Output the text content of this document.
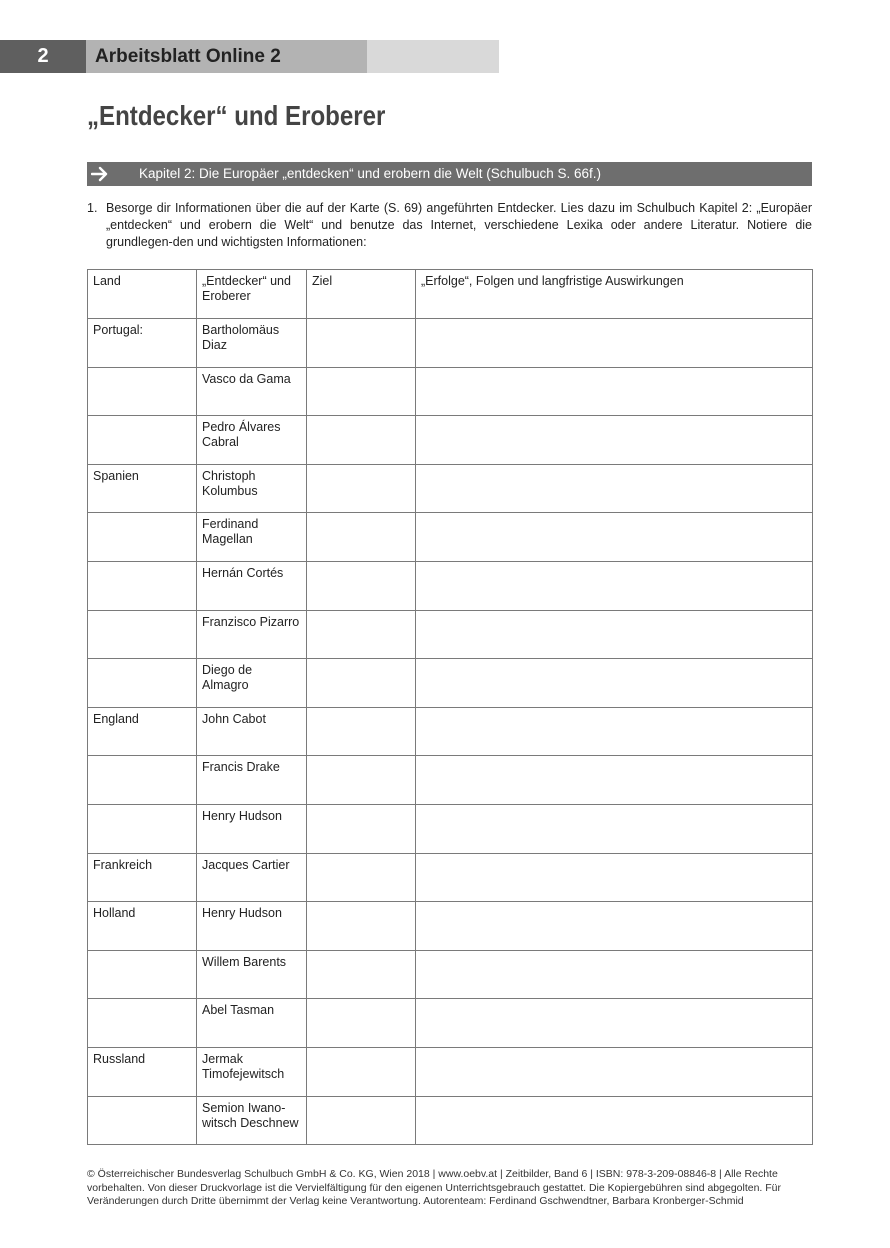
2	Arbeitsblatt Online 2
„Entdecker“ und Eroberer
Kapitel 2: Die Europäer „entdecken“ und erobern die Welt (Schulbuch S. 66f.)
1. Besorge dir Informationen über die auf der Karte (S. 69) angeführten Entdecker. Lies dazu im Schulbuch Kapitel 2: „Europäer „entdecken“ und erobern die Welt“ und benutze das Internet, verschiedene Lexika oder andere Literatur. Notiere die grundlegen-den und wichtigsten Informationen:
Land	„Entdecker“ und Eroberer	Ziel	„Erfolge“, Folgen und langfristige Auswirkungen
Portugal:	Bartholomäus Diaz		
	Vasco da Gama		
	Pedro Álvares Cabral		
Spanien	Christoph Kolumbus		
	Ferdinand Magellan		
	Hernán Cortés		
	Franzisco Pizarro		
	Diego de Almagro		
England	John Cabot		
	Francis Drake		
	Henry Hudson		
Frankreich	Jacques Cartier		
Holland	Henry Hudson		
	Willem Barents		
	Abel Tasman		
Russland	Jermak Timofejewitsch		
	Semion Iwano-witsch Deschnew		
© Österreichischer Bundesverlag Schulbuch GmbH & Co. KG, Wien 2018 | www.oebv.at | Zeitbilder, Band 6 | ISBN: 978-3-209-08846-8 | Alle Rechte vorbehalten. Von dieser Druckvorlage ist die Vervielfältigung für den eigenen Unterrichtsgebrauch gestattet. Die Kopiergebühren sind abgegolten. Für Veränderungen durch Dritte übernimmt der Verlag keine Verantwortung. Autorenteam: Ferdinand Gschwendtner, Barbara Kronberger-Schmid
